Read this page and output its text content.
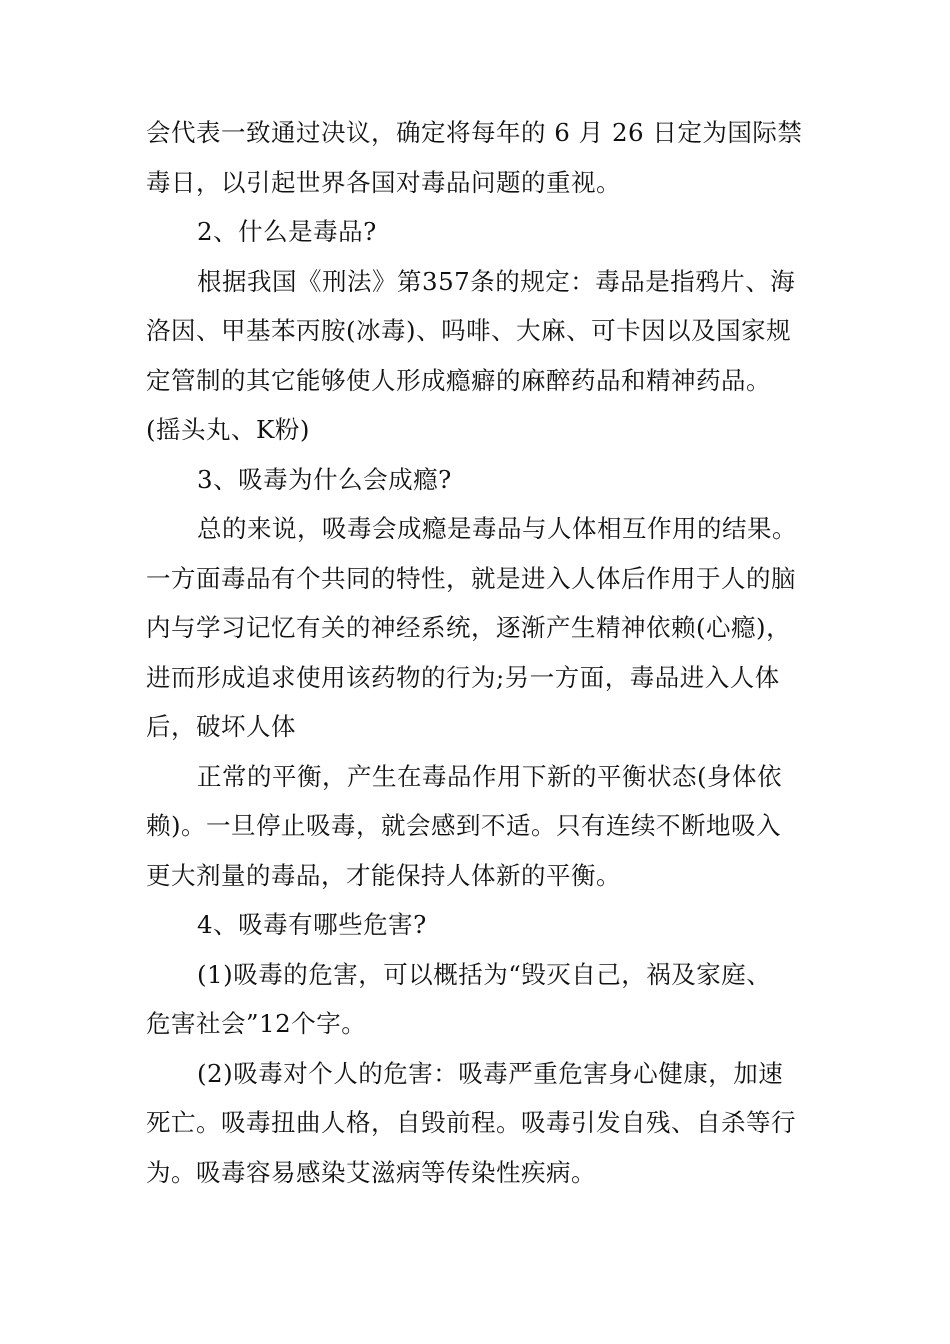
会代表一致通过决议，确定将每年的 6 月 26 日定为国际禁
毒日，以引起世界各国对毒品问题的重视。
2、什么是毒品?
根据我国《刑法》第357条的规定：毒品是指鸦片、海
洛因、甲基苯丙胺(冰毒)、吗啡、大麻、可卡因以及国家规
定管制的其它能够使人形成瘾癖的麻醉药品和精神药品。
(摇头丸、K粉)
3、吸毒为什么会成瘾?
总的来说，吸毒会成瘾是毒品与人体相互作用的结果。
一方面毒品有个共同的特性，就是进入人体后作用于人的脑
内与学习记忆有关的神经系统，逐渐产生精神依赖(心瘾)，
进而形成追求使用该药物的行为;另一方面，毒品进入人体
后，破坏人体
正常的平衡，产生在毒品作用下新的平衡状态(身体依
赖)。一旦停止吸毒，就会感到不适。只有连续不断地吸入
更大剂量的毒品，才能保持人体新的平衡。
4、吸毒有哪些危害?
(1)吸毒的危害，可以概括为“毁灭自己，祸及家庭、
危害社会”12个字。
(2)吸毒对个人的危害：吸毒严重危害身心健康，加速
死亡。吸毒扭曲人格，自毁前程。吸毒引发自残、自杀等行
为。吸毒容易感染艾滋病等传染性疾病。
